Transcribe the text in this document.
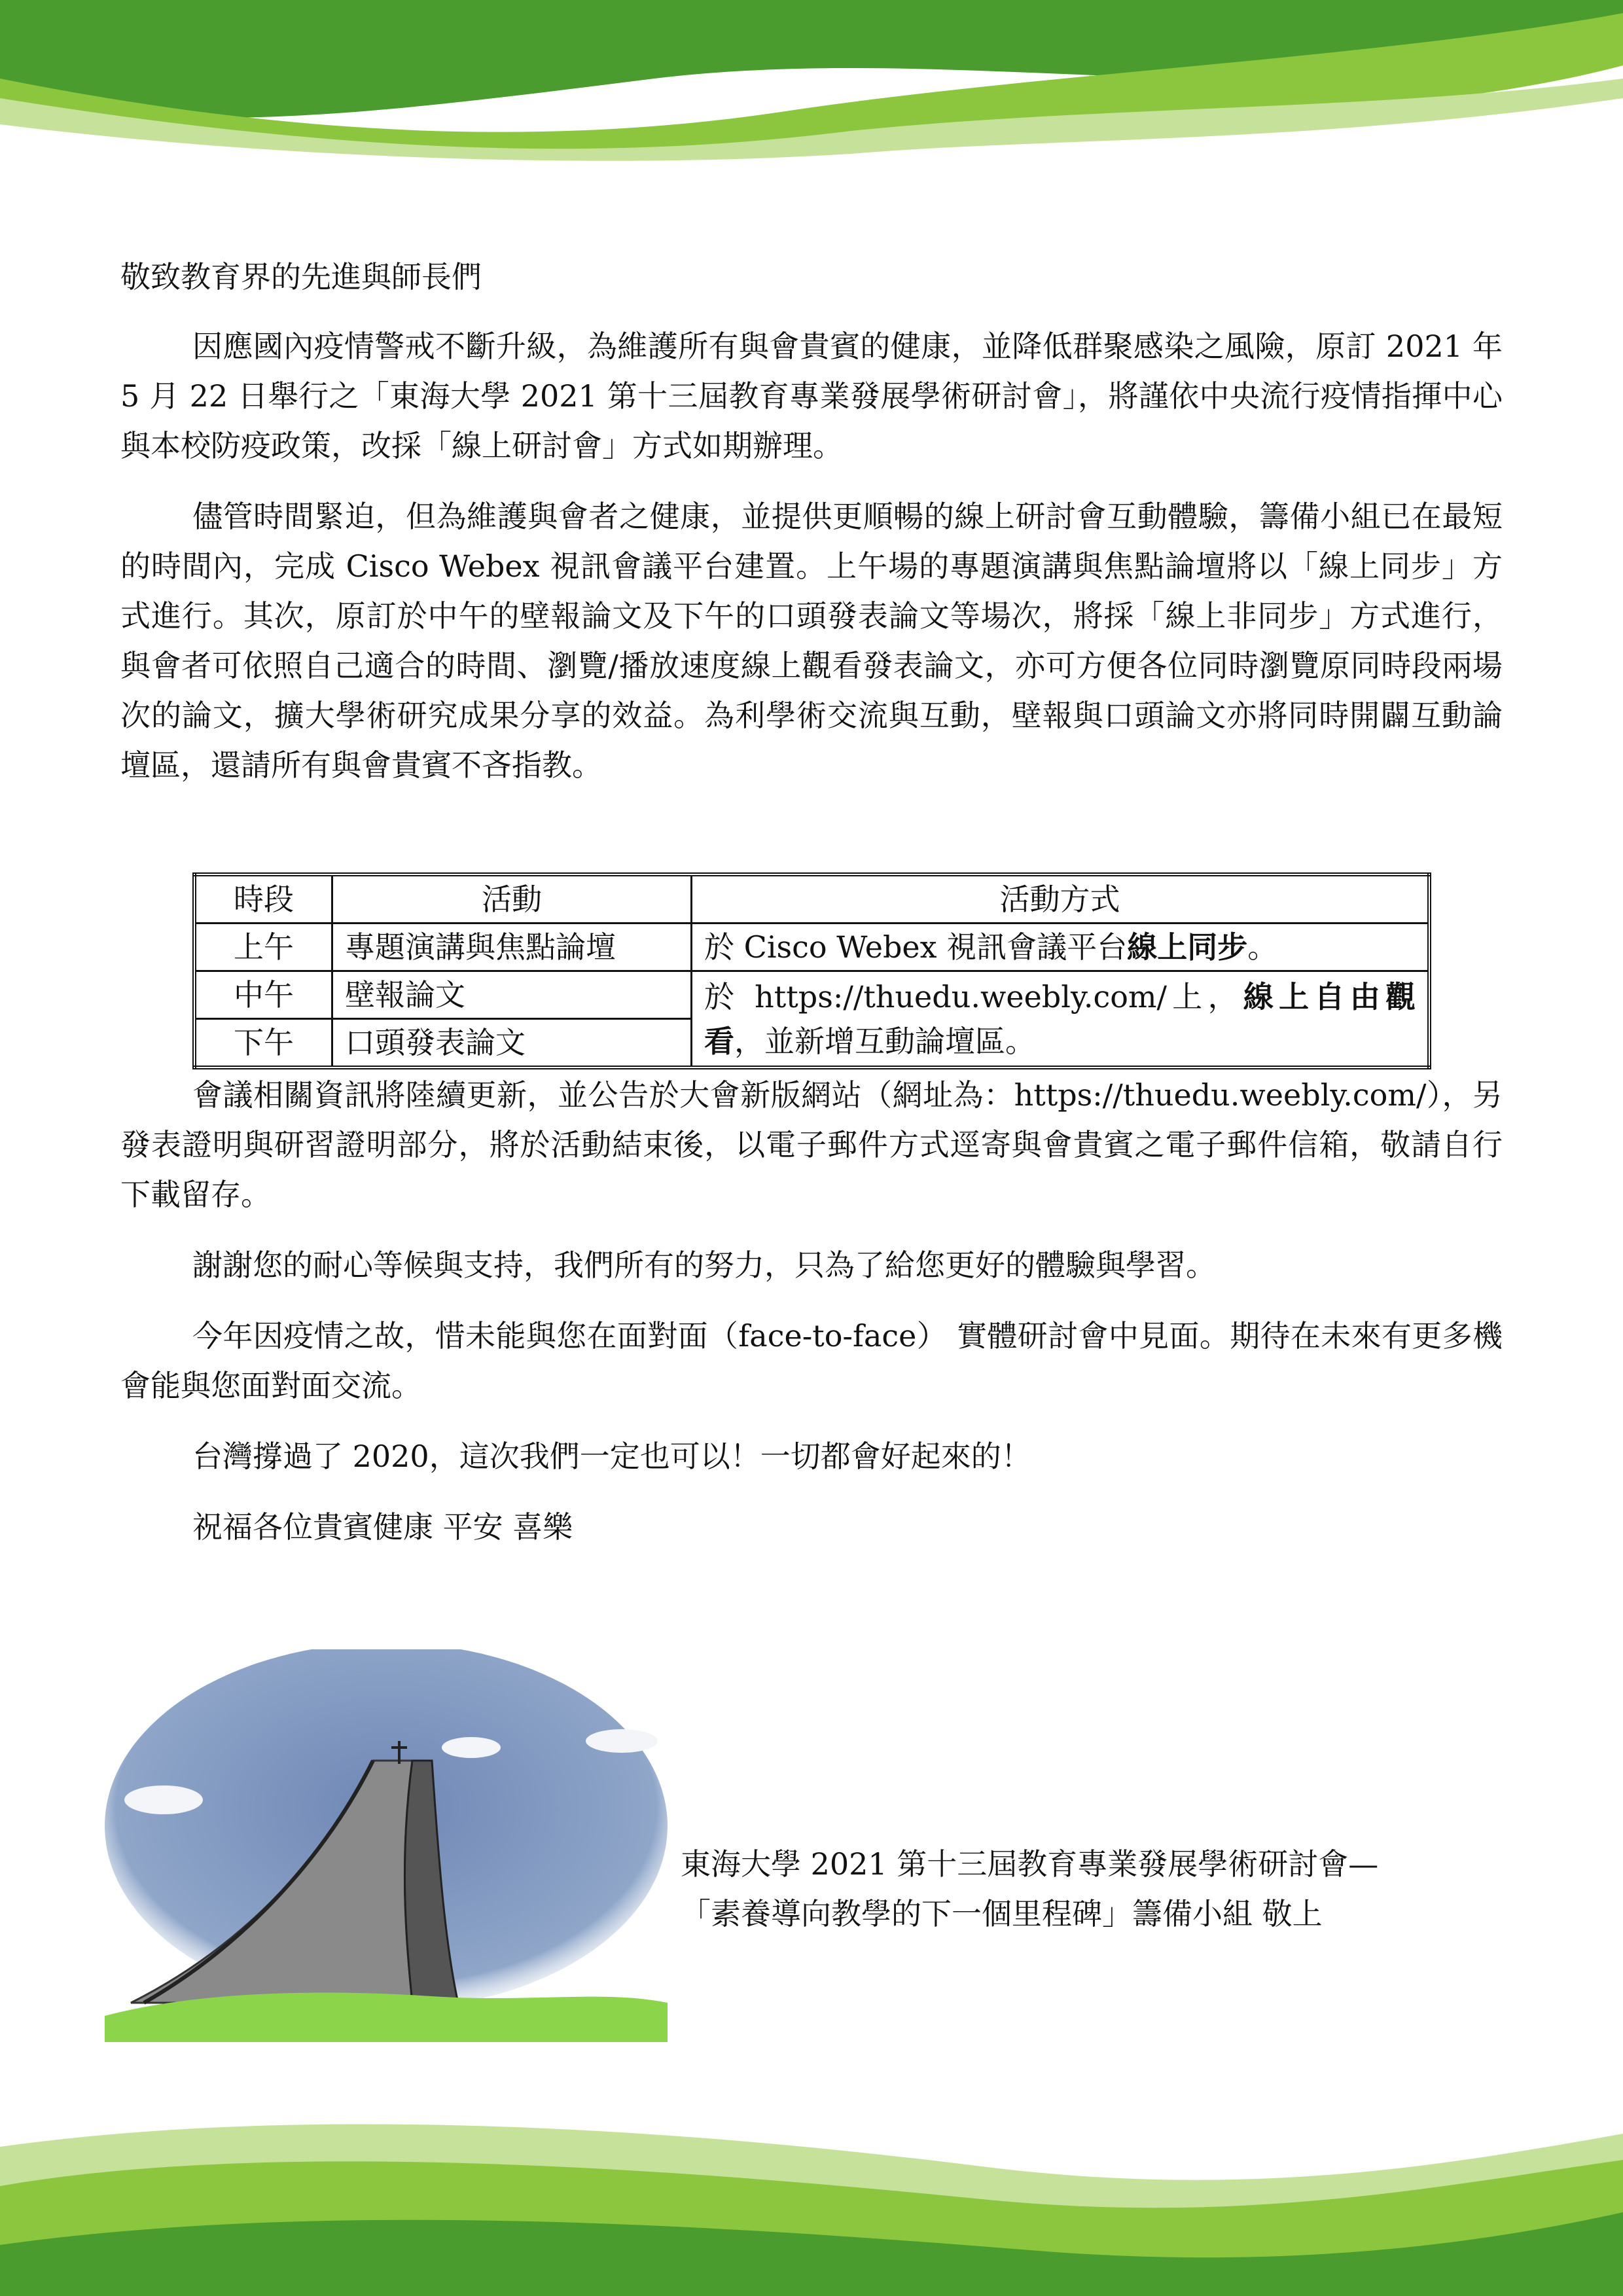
敬致教育界的先進與師長們

因應國內疫情警戒不斷升級，為維護所有與會貴賓的健康，並降低群聚感染之風險，原訂 2021 年 5 月 22 日舉行之「東海大學 2021 第十三屆教育專業發展學術研討會」，將謹依中央流行疫情指揮中心與本校防疫政策，改採「線上研討會」方式如期辦理。

儘管時間緊迫，但為維護與會者之健康，並提供更順暢的線上研討會互動體驗，籌備小組已在最短的時間內，完成 Cisco Webex 視訊會議平台建置。上午場的專題演講與焦點論壇將以「線上同步」方式進行。其次，原訂於中午的壁報論文及下午的口頭發表論文等場次，將採「線上非同步」方式進行，與會者可依照自己適合的時間、瀏覽/播放速度線上觀看發表論文，亦可方便各位同時瀏覽原同時段兩場次的論文，擴大學術研究成果分享的效益。為利學術交流與互動，壁報與口頭論文亦將同時開闢互動論壇區，還請所有與會貴賓不吝指教。

會議相關資訊將陸續更新，並公告於大會新版網站（網址為：https://thuedu.weebly.com/），另發表證明與研習證明部分，將於活動結束後，以電子郵件方式逕寄與會貴賓之電子郵件信箱，敬請自行下載留存。

謝謝您的耐心等候與支持，我們所有的努力，只為了給您更好的體驗與學習。

今年因疫情之故，惜未能與您在面對面（face-to-face） 實體研討會中見面。期待在未來有更多機會能與您面對面交流。

台灣撐過了 2020，這次我們一定也可以！一切都會好起來的！

祝福各位貴賓健康 平安 喜樂

時段	活動	活動方式
上午	專題演講與焦點論壇	於 Cisco Webex 視訊會議平台線上同步。
中午	壁報論文	於 https://thuedu.weebly.com/上，線上自由觀看，並新增互動論壇區。
下午	口頭發表論文	
東海大學 2021 第十三屆教育專業發展學術研討會—
「素養導向教學的下一個里程碑」籌備小組 敬上
